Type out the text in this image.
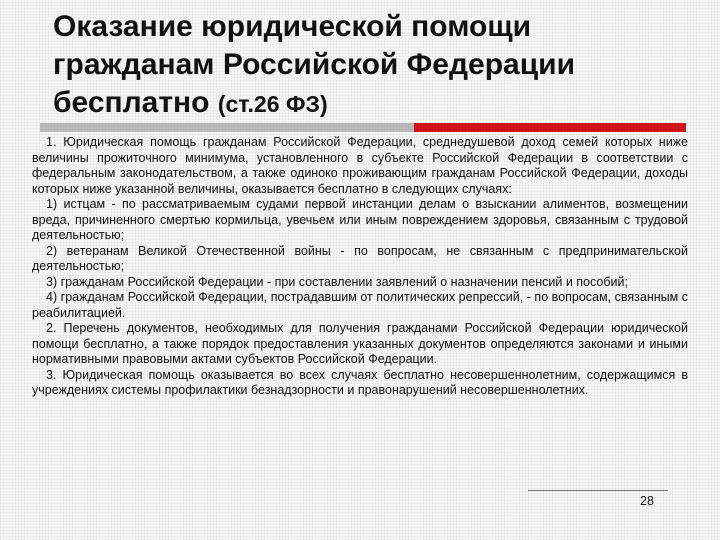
Оказание юридической помощи
гражданам Российской Федерации
бесплатно (ст.26 ФЗ)

1. Юридическая помощь гражданам Российской Федерации, среднедушевой доход семей которых ниже величины прожиточного минимума, установленного в субъекте Российской Федерации в соответствии с федеральным законодательством, а также одиноко проживающим гражданам Российской Федерации, доходы которых ниже указанной величины, оказывается бесплатно в следующих случаях:

1) истцам - по рассматриваемым судами первой инстанции делам о взыскании алиментов, возмещении вреда, причиненного смертью кормильца, увечьем или иным повреждением здоровья, связанным с трудовой деятельностью;

2) ветеранам Великой Отечественной войны - по вопросам, не связанным с предпринимательской деятельностью;

3) гражданам Российской Федерации - при составлении заявлений о назначении пенсий и пособий;

4) гражданам Российской Федерации, пострадавшим от политических репрессий, - по вопросам, связанным с реабилитацией.

2. Перечень документов, необходимых для получения гражданами Российской Федерации юридической помощи бесплатно, а также порядок предоставления указанных документов определяются законами и иными нормативными правовыми актами субъектов Российской Федерации.

3. Юридическая помощь оказывается во всех случаях бесплатно несовершеннолетним, содержащимся в учреждениях системы профилактики безнадзорности и правонарушений несовершеннолетних.

28
